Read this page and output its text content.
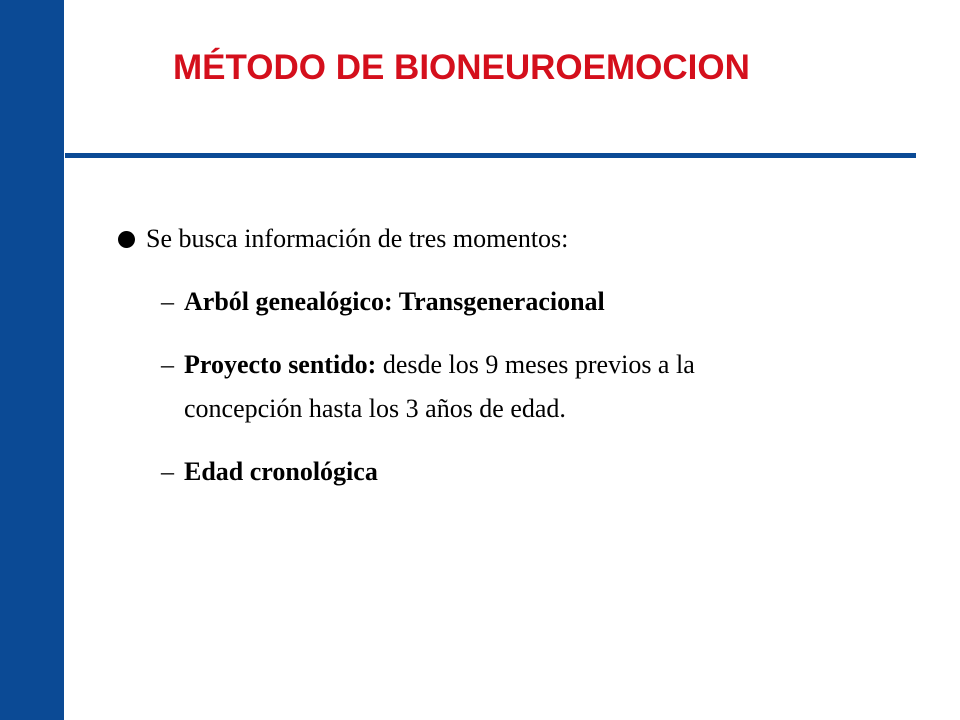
MÉTODO DE BIONEUROEMOCION
Se busca información de tres momentos:
– Arból genealógico: Transgeneracional
– Proyecto sentido: desde los 9 meses previos a la
concepción hasta los 3 años de edad.
– Edad cronológica
